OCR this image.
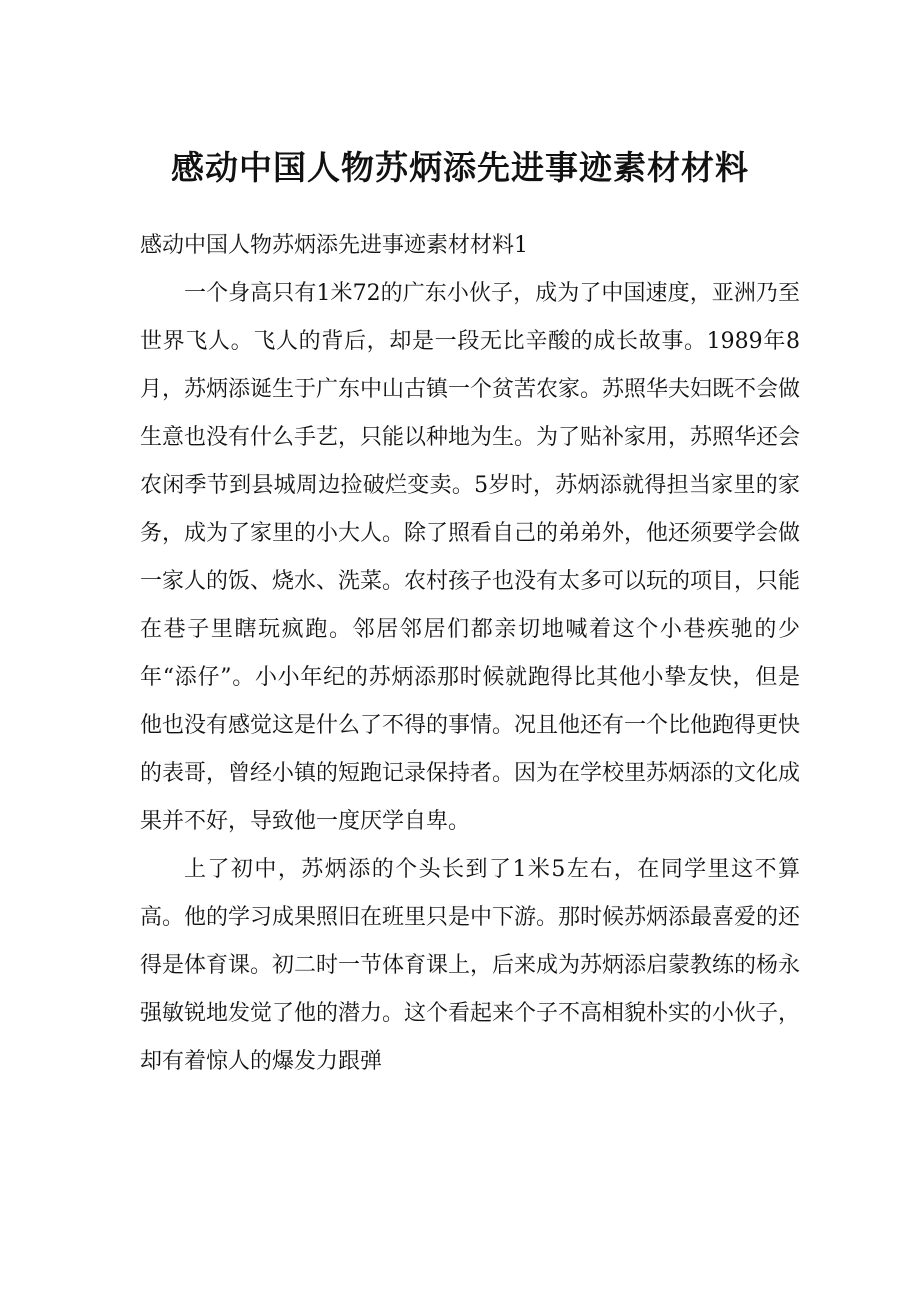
感动中国人物苏炳添先进事迹素材材料

感动中国人物苏炳添先进事迹素材材料1

一个身高只有1米72的广东小伙子，成为了中国速度，亚洲乃至世界飞人。飞人的背后，却是一段无比辛酸的成长故事。1989年8月，苏炳添诞生于广东中山古镇一个贫苦农家。苏照华夫妇既不会做生意也没有什么手艺，只能以种地为生。为了贴补家用，苏照华还会农闲季节到县城周边捡破烂变卖。5岁时，苏炳添就得担当家里的家务，成为了家里的小大人。除了照看自己的弟弟外，他还须要学会做一家人的饭、烧水、洗菜。农村孩子也没有太多可以玩的项目，只能在巷子里瞎玩疯跑。邻居邻居们都亲切地喊着这个小巷疾驰的少年“添仔”。小小年纪的苏炳添那时候就跑得比其他小挚友快，但是他也没有感觉这是什么了不得的事情。况且他还有一个比他跑得更快的表哥，曾经小镇的短跑记录保持者。因为在学校里苏炳添的文化成果并不好，导致他一度厌学自卑。

上了初中，苏炳添的个头长到了1米5左右，在同学里这不算高。他的学习成果照旧在班里只是中下游。那时候苏炳添最喜爱的还得是体育课。初二时一节体育课上，后来成为苏炳添启蒙教练的杨永强敏锐地发觉了他的潜力。这个看起来个子不高相貌朴实的小伙子，却有着惊人的爆发力跟弹
